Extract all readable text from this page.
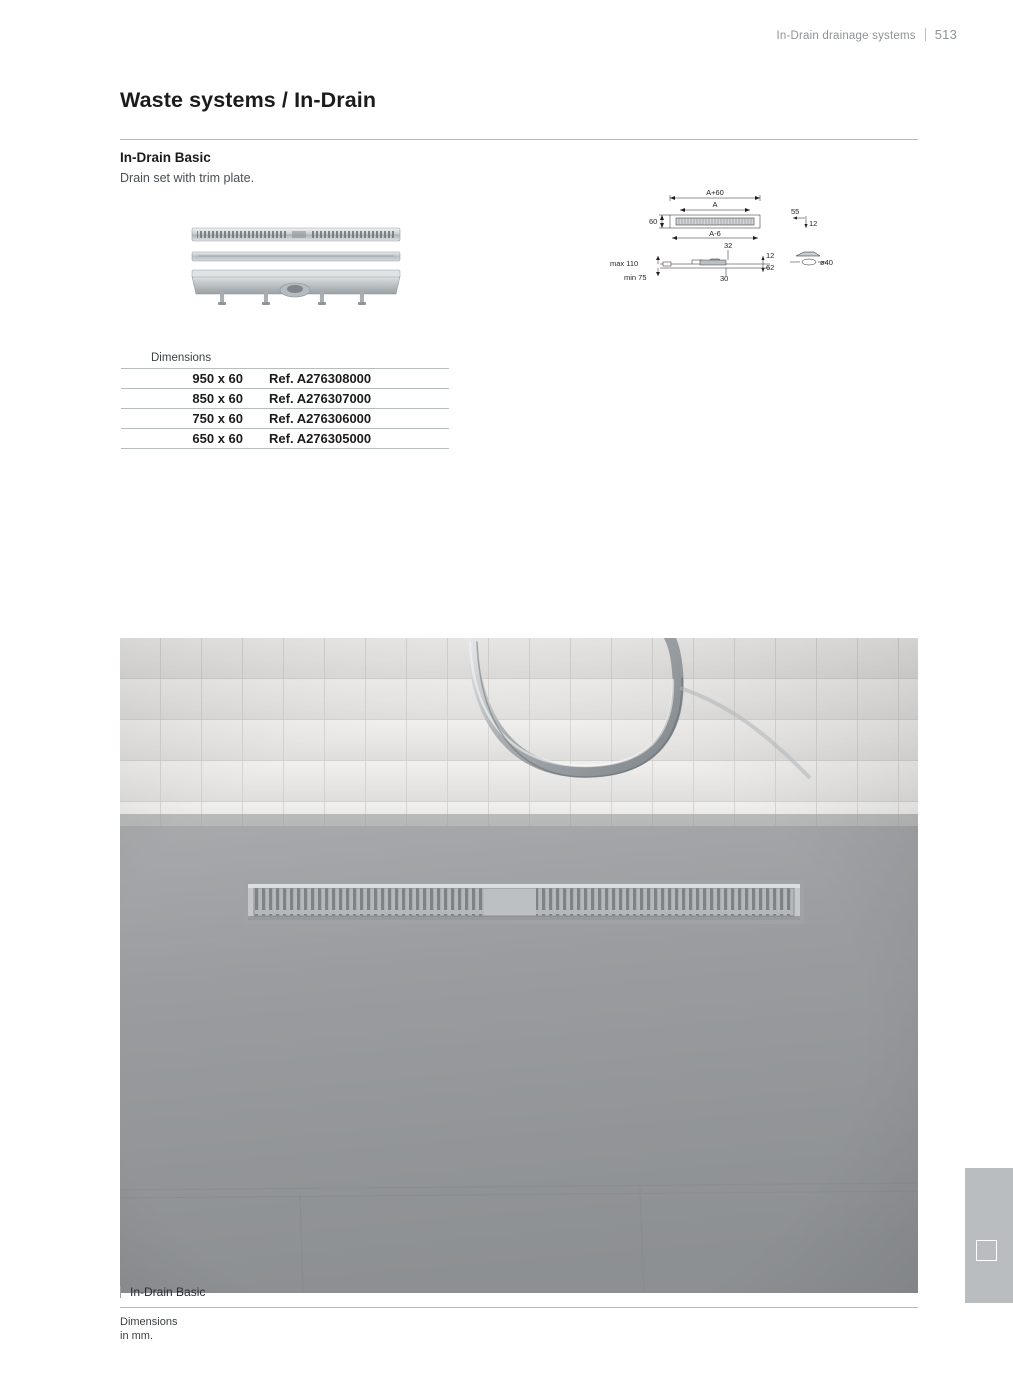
In-Drain drainage systems 513
Waste systems / In-Drain
In-Drain Basic
Drain set with trim plate.
A+60
A
60
A-6
55
12
32
12
62
max 110
min 75	30
ø40
Dimensions
950 x 60	Ref. A276308000
850 x 60	Ref. A276307000
750 x 60	Ref. A276306000
650 x 60	Ref. A276305000
In-Drain Basic
Dimensions
in mm.
